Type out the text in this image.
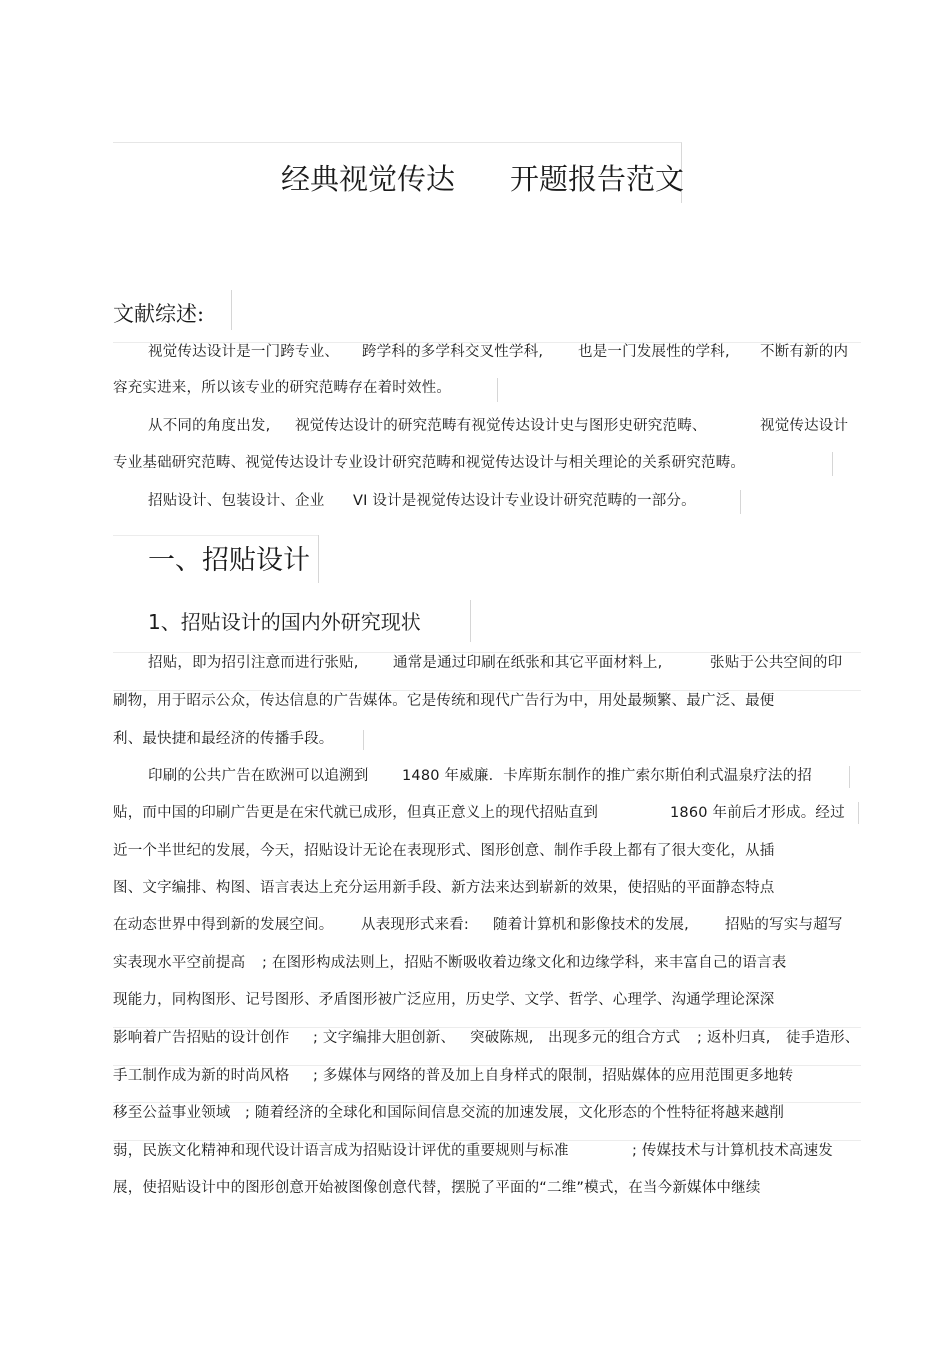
经典视觉传达 开题报告范文
文献综述:
视觉传达设计是一门跨专业、 跨学科的多学科交叉性学科, 也是一门发展性的学科, 不断有新的内
容充实进来，所以该专业的研究范畴存在着时效性。
从不同的角度出发, 视觉传达设计的研究范畴有视觉传达设计史与图形史研究范畴、	视觉传达设计
专业基础研究范畴、视觉传达设计专业设计研究范畴和视觉传达设计与相关理论的关系研究范畴。
招贴设计、包装设计、企业 VI 设计是视觉传达设计专业设计研究范畴的一部分。
一、招贴设计
1、招贴设计的国内外研究现状
招贴，即为招引注意而进行张贴, 通常是通过印刷在纸张和其它平面材料上,	张贴于公共空间的印
刷物，用于昭示公众，传达信息的广告媒体。它是传统和现代广告行为中，用处最频繁、最广泛、最便
利、最快捷和最经济的传播手段。
印刷的公共广告在欧洲可以追溯到 1480 年威廉．卡库斯东制作的推广索尔斯伯利式温泉疗法的招
贴，而中国的印刷广告更是在宋代就已成形，但真正意义上的现代招贴直到	1860 年前后才形成。经过
近一个半世纪的发展，今天，招贴设计无论在表现形式、图形创意、制作手段上都有了很大变化，从插
图、文字编排、构图、语言表达上充分运用新手段、新方法来达到崭新的效果，使招贴的平面静态特点
在动态世界中得到新的发展空间。 从表现形式来看: 随着计算机和影像技术的发展, 招贴的写实与超写
实表现水平空前提高 ; 在图形构成法则上，招贴不断吸收着边缘文化和边缘学科，来丰富自己的语言表
现能力，同构图形、记号图形、矛盾图形被广泛应用，历史学、文学、哲学、心理学、沟通学理论深深
影响着广告招贴的设计创作 ; 文字编排大胆创新、 突破陈规, 出现多元的组合方式 ; 返朴归真, 徒手造形、
手工制作成为新的时尚风格 ; 多媒体与网络的普及加上自身样式的限制，招贴媒体的应用范围更多地转
移至公益事业领域 ; 随着经济的全球化和国际间信息交流的加速发展，文化形态的个性特征将越来越削
弱，民族文化精神和现代设计语言成为招贴设计评优的重要规则与标准	; 传媒技术与计算机技术高速发
展，使招贴设计中的图形创意开始被图像创意代替，摆脱了平面的“二维”模式，在当今新媒体中继续
